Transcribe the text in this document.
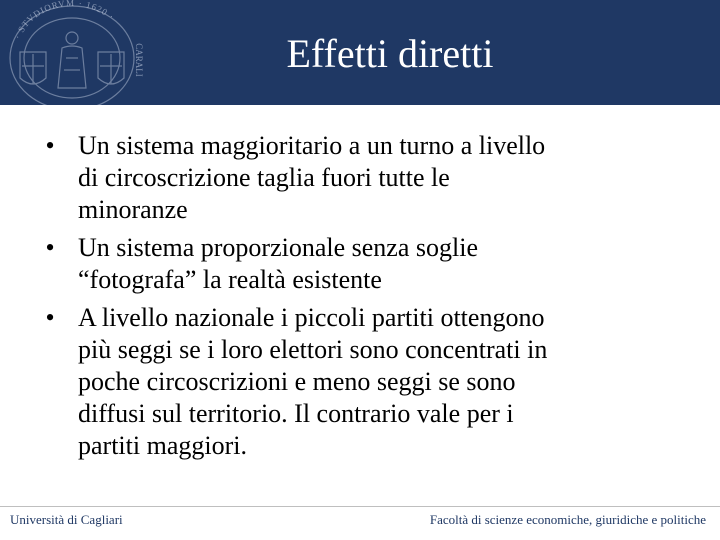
· STVDIORVM · 1620 ·
CARALI	Effetti diretti
• Un sistema maggioritario a un turno a livello
di circoscrizione taglia fuori tutte le
minoranze
• Un sistema proporzionale senza soglie
“fotografa” la realtà esistente
• A livello nazionale i piccoli partiti ottengono
più seggi se i loro elettori sono concentrati in
poche circoscrizioni e meno seggi se sono
diffusi sul territorio. Il contrario vale per i
partiti maggiori.
Università di Cagliari	Facoltà di scienze economiche, giuridiche e politiche
